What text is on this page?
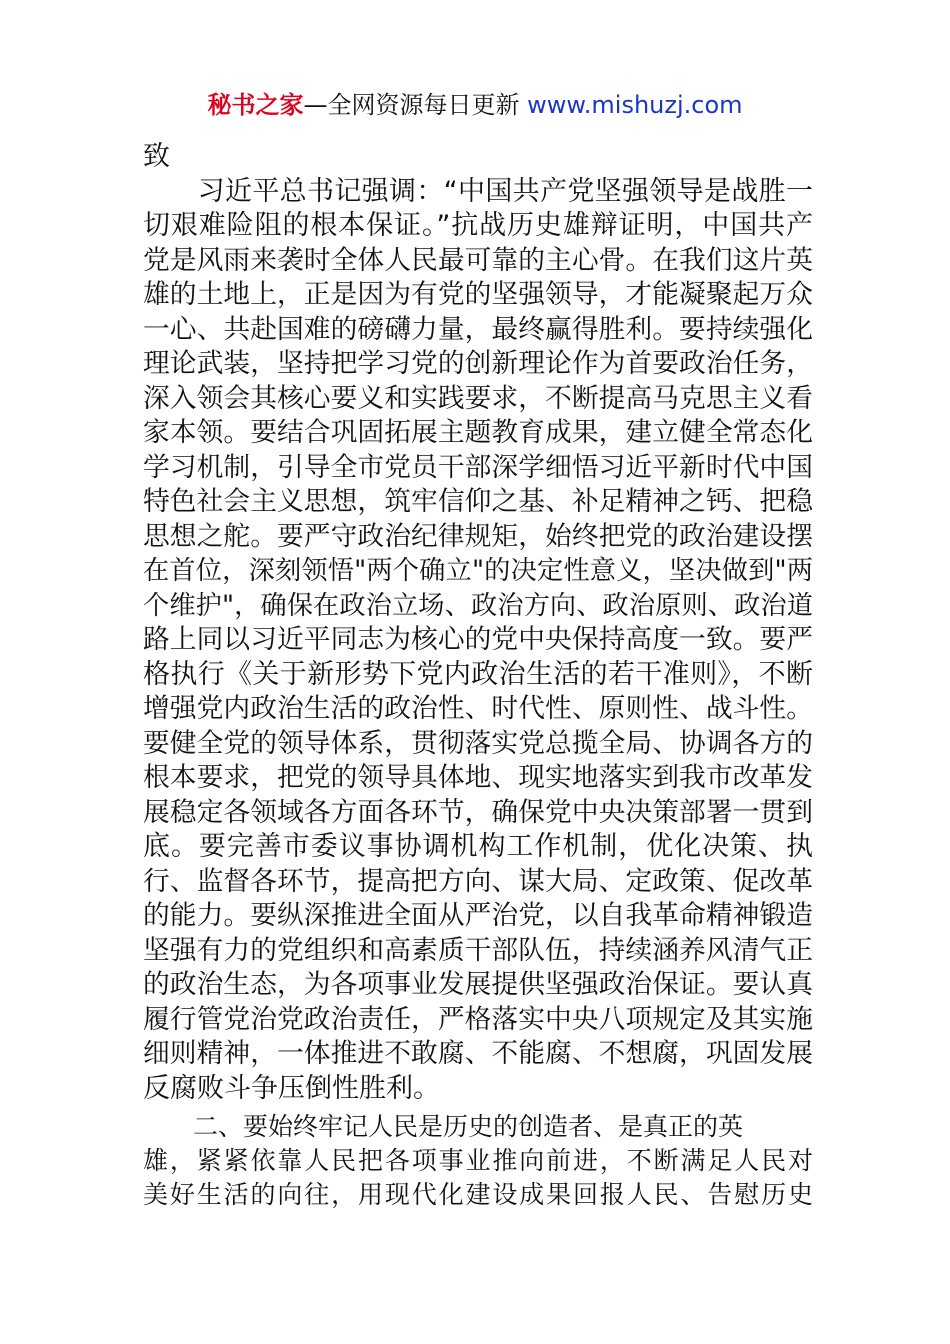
秘书之家—全网资源每日更新 www.mishuzj.com
致
　　习近平总书记强调：“中国共产党坚强领导是战胜一
切艰难险阻的根本保证。”抗战历史雄辩证明，中国共产
党是风雨来袭时全体人民最可靠的主心骨。在我们这片英
雄的土地上，正是因为有党的坚强领导，才能凝聚起万众
一心、共赴国难的磅礴力量，最终赢得胜利。要持续强化
理论武装，坚持把学习党的创新理论作为首要政治任务，
深入领会其核心要义和实践要求，不断提高马克思主义看
家本领。要结合巩固拓展主题教育成果，建立健全常态化
学习机制，引导全市党员干部深学细悟习近平新时代中国
特色社会主义思想，筑牢信仰之基、补足精神之钙、把稳
思想之舵。要严守政治纪律规矩，始终把党的政治建设摆
在首位，深刻领悟"两个确立"的决定性意义，坚决做到"两
个维护"，确保在政治立场、政治方向、政治原则、政治道
路上同以习近平同志为核心的党中央保持高度一致。要严
格执行《关于新形势下党内政治生活的若干准则》，不断
增强党内政治生活的政治性、时代性、原则性、战斗性。
要健全党的领导体系，贯彻落实党总揽全局、协调各方的
根本要求，把党的领导具体地、现实地落实到我市改革发
展稳定各领域各方面各环节，确保党中央决策部署一贯到
底。要完善市委议事协调机构工作机制，优化决策、执
行、监督各环节，提高把方向、谋大局、定政策、促改革
的能力。要纵深推进全面从严治党，以自我革命精神锻造
坚强有力的党组织和高素质干部队伍，持续涵养风清气正
的政治生态，为各项事业发展提供坚强政治保证。要认真
履行管党治党政治责任，严格落实中央八项规定及其实施
细则精神，一体推进不敢腐、不能腐、不想腐，巩固发展
反腐败斗争压倒性胜利。
　　二、要始终牢记人民是历史的创造者、是真正的英
雄，紧紧依靠人民把各项事业推向前进，不断满足人民对
美好生活的向往，用现代化建设成果回报人民、告慰历史
